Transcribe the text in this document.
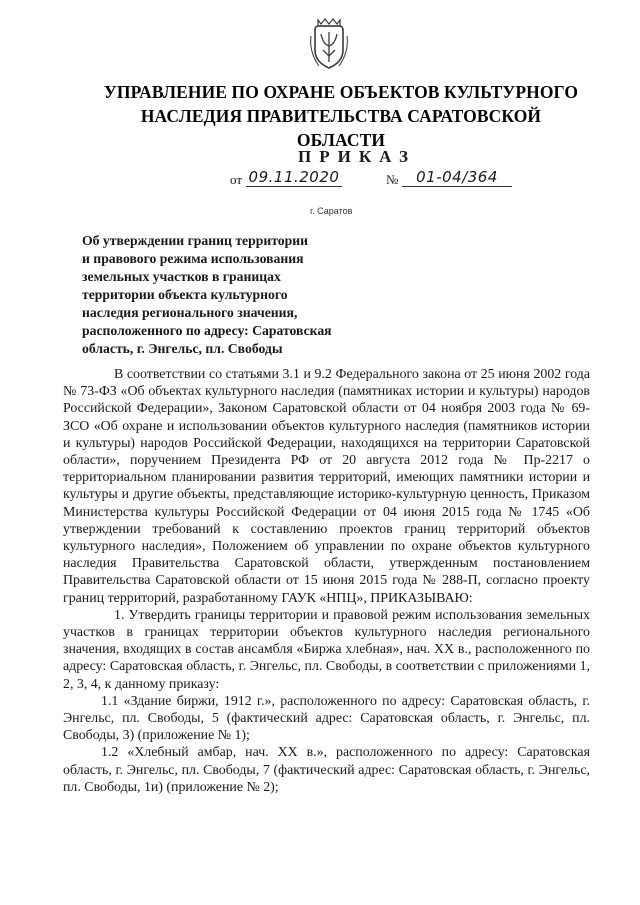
УПРАВЛЕНИЕ ПО ОХРАНЕ ОБЪЕКТОВ КУЛЬТУРНОГО
НАСЛЕДИЯ ПРАВИТЕЛЬСТВА САРАТОВСКОЙ ОБЛАСТИ
ПРИКАЗ
от 09.11.2020	№	01-04/364
г. Саратов
Об утверждении границ территории
и правового режима использования
земельных участков в границах
территории объекта культурного
наследия регионального значения,
расположенного по адресу: Саратовская
область, г. Энгельс, пл. Свободы

В соответствии со статьями 3.1 и 9.2 Федерального закона от 25 июня 2002 года № 73-ФЗ «Об объектах культурного наследия (памятниках истории и культуры) народов Российской Федерации», Законом Саратовской области от 04 ноября 2003 года № 69-ЗСО «Об охране и использовании объектов культурного наследия (памятников истории и культуры) народов Российской Федерации, находящихся на территории Саратовской области», поручением Президента РФ от 20 августа 2012 года № Пр-2217 о территориальном планировании развития территорий, имеющих памятники истории и культуры и другие объекты, представляющие историко-культурную ценность, Приказом Министерства культуры Российской Федерации от 04 июня 2015 года № 1745 «Об утверждении требований к составлению проектов границ территорий объектов культурного наследия», Положением об управлении по охране объектов культурного наследия Правительства Саратовской области, утвержденным постановлением Правительства Саратовской области от 15 июня 2015 года № 288-П, согласно проекту границ территорий, разработанному ГАУК «НПЦ», ПРИКАЗЫВАЮ:

1. Утвердить границы территории и правовой режим использования земельных участков в границах территории объектов культурного наследия регионального значения, входящих в состав ансамбля «Биржа хлебная», нач. XX в., расположенного по адресу: Саратовская область, г. Энгельс, пл. Свободы, в соответствии с приложениями 1, 2, 3, 4, к данному приказу:

1.1 «Здание биржи, 1912 г.», расположенного по адресу: Саратовская область, г. Энгельс, пл. Свободы, 5 (фактический адрес: Саратовская область, г. Энгельс, пл. Свободы, 3) (приложение № 1);

1.2 «Хлебный амбар, нач. XX в.», расположенного по адресу: Саратовская область, г. Энгельс, пл. Свободы, 7 (фактический адрес: Саратовская область, г. Энгельс, пл. Свободы, 1и) (приложение № 2);
